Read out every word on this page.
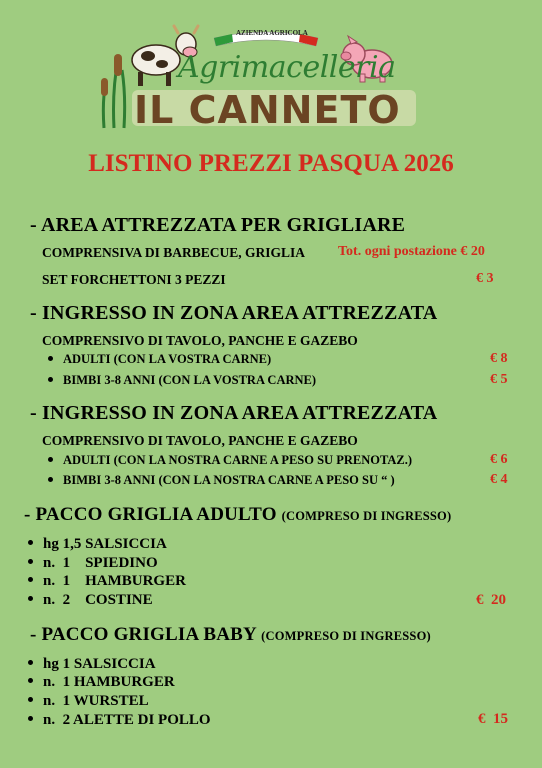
AZIENDA AGRICOLA
Agrimacelleria
IL CANNETO
LISTINO PREZZI PASQUA 2026
- AREA ATTREZZATA PER GRIGLIARE
COMPRENSIVA DI BARBECUE, GRIGLIA Tot. ogni postazione € 20
SET FORCHETTONI 3 PEZZI	€ 3
- INGRESSO IN ZONA AREA ATTREZZATA
COMPRENSIVO DI TAVOLO, PANCHE E GAZEBO
ADULTI (CON LA VOSTRA CARNE)	€ 8
BIMBI 3-8 ANNI (CON LA VOSTRA CARNE)	€ 5
- INGRESSO IN ZONA AREA ATTREZZATA
COMPRENSIVO DI TAVOLO, PANCHE E GAZEBO
ADULTI (CON LA NOSTRA CARNE A PESO SU PRENOTAZ.)	€ 6
BIMBI 3-8 ANNI (CON LA NOSTRA CARNE A PESO SU “ )	€ 4
- PACCO GRIGLIA ADULTO (COMPRESO DI INGRESSO)
hg 1,5 SALSICCIA
n.  1    SPIEDINO
n.  1    HAMBURGER
n.  2    COSTINE	€  20
- PACCO GRIGLIA BABY (COMPRESO DI INGRESSO)
hg 1 SALSICCIA
n.  1 HAMBURGER
n.  1 WURSTEL
n.  2 ALETTE DI POLLO	€  15
